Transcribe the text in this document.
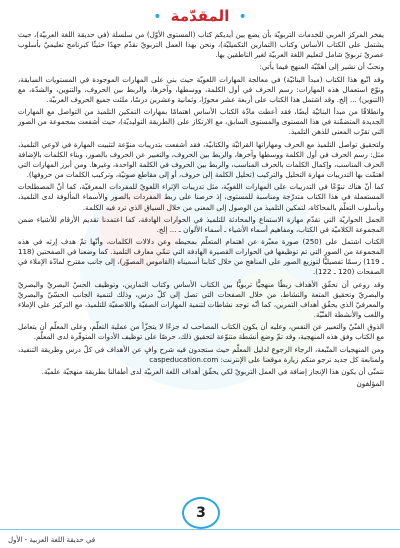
• المقدّمة •

يفخر المركز العربي للخدمات التربويّة بأن يضع بين أيديكم كتاب (المستوى الأوّل) من سلسلة (في حديقة اللغة العربيّة)، حيث يشتمل على الكتاب الأساس وكتاب (التمارين التكميليّة)، ونحن بهذا العمل التربويّ نقدّم جهدًا حثيثًا كبرنامج تعليميّ بأسلوب عصريّ تربويّ شامل لتعليم اللغة العربيّة لغير الناطقين بها.

ونحبّ أن نشير إلى أهمّيّة المنهج فيما يأتي:

وقد اتّبع هذا الكتاب (مبدأ البنائيّة) في معالجة المهارات اللغويّة حيث بني على المهارات الموجودة في المستويات السابقة، ونوّع استعمال هذه المهارات: رسم الحرف في أول الكلمة، ووسطها، وآخرها، والربط بين الحروف، والتنوين، والشدّة، مع (التنوين) ... إلخ. وقد اشتمل هذا الكتاب على أربعة عشر محورًا، وثمانية وعشرين درسًا، ملئت جميع الحروف العربيّة.

وانطلاقًا من مبدأ البنائيّة أيضًا، فقد أعطت مادّة الكتاب الأساس اهتمامًا بمهارات التمكين التلميذ من التواصل مع المهارات الجديدة المتضمّنة في هذا المستوى والمستوى السابق، مع الارتكاز على (الطريقة التوليديّة)، حيث أشفعت بمجموعة من الصور التي تقرّب المعنى للذهن التلميذ.

ولتحقيق تواصل التلميذ مع الحرف ومهاراتها القرائيّة والكتابيّة، فقد أشفعت بتدريبات منوّعة لتثبيت المهارة في لاوعي التلميذ، مثل: رسم الحرف في أول الكلمة ووسطها وآخرها، والربط بين الحروف، والتعبير عن الحروف بالصور، وبناء الكلمات بالإضافة الحرف المناسب، وإكمال الكلمات بالحرف المناسب، والربط بين الحروف في الكلمة الواحدة، وغيرها. ومن أبرز المهارات التي اهتمّت بها التدريبات مهارة التحليل والتركيب (تحليل الكلمة إلى حروف، أو إلى مقاطع صوتيّة، وتركيب الكلمات من حروفها).

كما أنّ هناك تنوّعًا في التدريبات على المهارات اللغويّة، مثل تدريبات الإثراء اللغويّ للمفردات المعرفيّة، كما أنّ المصطلحات المستعملة في هذا الكتاب متدرّجة ومناسبة للمستوى، إذ حرصنا على ربط المفردات بالصور والأسماء المألوفة لدى التلميذ، وبأسلوب التعلّم بالمحاكاة، لتمكين التلميذ من الوصول إلى المعنى من خلال السياق الذي ترد فيه الكلمة.

الجمل الحواريّة التي تقدّم مهارة الاستماع والمحادثة للتلميذ في الحوارات الهادفة، كما اعتمدنا تقديم الأرقام للأشياء ضمن المجموعة الكلاميّة في الكتاب، ومفاهيم أسماء الأشياء ـ أسماء الألوان ـ ... إلخ.

الكتاب اشتمل على (250) صورة معبّرة عن اهتمام المتعلّم بمحيطه وعن دلالات الكلمات، وأنّها تمّ هدف إرثه في هذه المجموعة من الصور التي تم توظيفها في الحوارات القصيرة الهادفة التي تنمّي معارف التلميذ. كما وضعنا في الصفحتين (118 ـ 119) رسمًا تفصيليًّا لتوزيع الصور على المناهج من خلال كتابنا أسميناه (القاموس المصوّر)، إلى جانب مقترح لمادّة الإملاء في الصفحات (120 ـ 122).

وقد روعي أن تحقّق الأهداف ربطًا منهجيًّا تربويًّا بين الكتاب الأساس وكتاب التمارين، وتوظيف الحسّ البصريّ والبصريّ والبصريّ وتحقيق المتعة والنشاط، من خلال الصفحات التي تصل إلى كلّ درس، وذلك لتنمية الجانب الحسّيّ والبصريّ والمعرفيّ الذي يحقّق أهداف التمرين، كما أنّه توجد نشاطات لتنمية المهارات الصفيّة واللاصفيّة للتلميذ، مع التركيز على الإملاء واللعب والأنشطة الفنّيّة.

الذوق الفنّيّ والتعبير عن النفس، وعليه أن يكون الكتاب المصاحب له جزءًا لا يتجزّأ من عملية التعلّم، وعلى المعلّم أن يتعامل مع الكتاب وفق هذه المنهجية، وقد تمّ وضع أنشطة متنوّعة لتحقيق ذلك، حرصًا على توظيف الأدوات المتوفّرة لدى المعلّم.

ومن المنهجيات المتّبعة، الرجاء الرجوع لدليل المعلّم حيث ستجدون فيه شرح وافٍ عن الأهداف في كلّ درس وطريقة التنفيذ، ولمتابعة كل جديد نرجو منكم زيارة موقعنا على الإنترنت: caspeducation.com

نتمنّى أن يكون هذا الإنجاز إضافة في العمل التربويّ لكي يحقّق أهداف اللغة العربيّة لدى أطفالنا بطريقة منهجيّة علميّة.

المؤلفون
3
في حديقة اللغة العربية - الأول
